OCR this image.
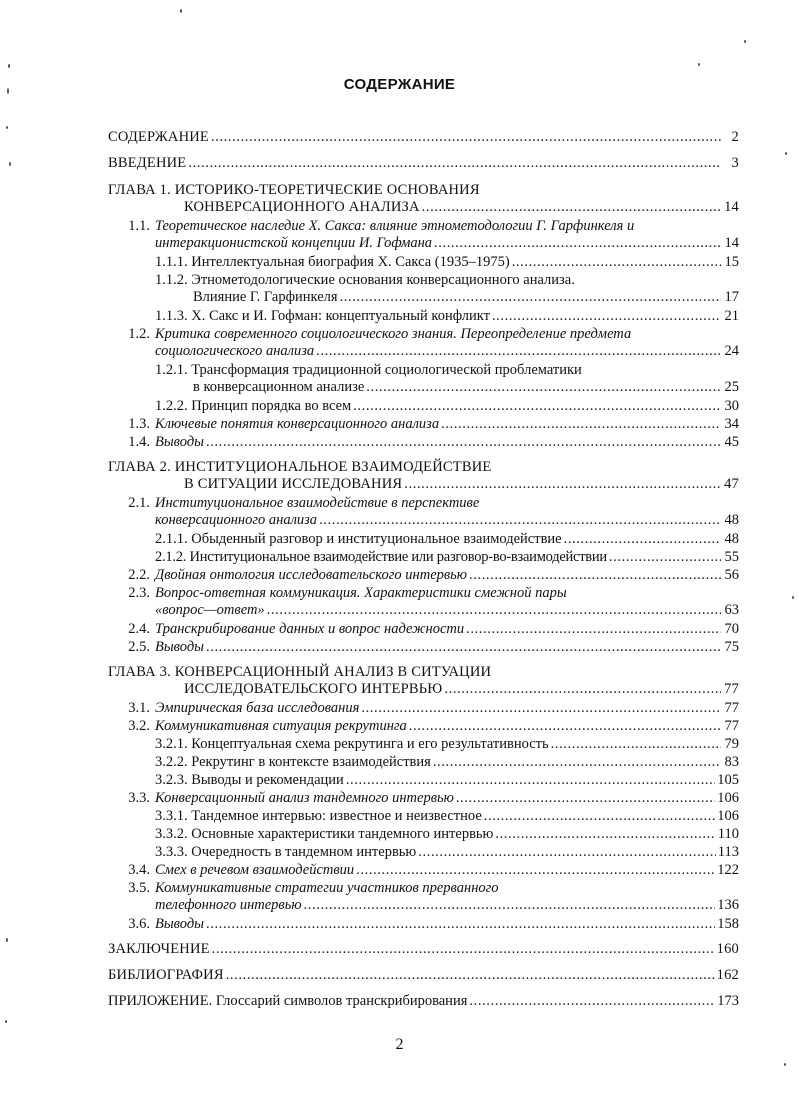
СОДЕРЖАНИЕ
СОДЕРЖАНИЕ .....	2
ВВЕДЕНИЕ .....	3
ГЛАВА 1. ИСТОРИКО-ТЕОРЕТИЧЕСКИЕ ОСНОВАНИЯ
КОНВЕРСАЦИОННОГО АНАЛИЗА .....	14
1.1. Теоретическое наследие Х. Сакса: влияние этнометодологии Г. Гарфинкеля и
интеракционистской концепции И. Гофмана .....	14
1.1.1. Интеллектуальная биография Х. Сакса (1935–1975) .....	15
1.1.2. Этнометодологические основания конверсационного анализа.
Влияние Г. Гарфинкеля .....	17
1.1.3. Х. Сакс и И. Гофман: концептуальный конфликт .....	21
1.2. Критика современного социологического знания. Переопределение предмета
социологического анализа .....	24
1.2.1. Трансформация традиционной социологической проблематики
в конверсационном анализе .....	25
1.2.2. Принцип порядка во всем .....	30
1.3. Ключевые понятия конверсационного анализа .....	34
1.4. Выводы .....	45
ГЛАВА 2. ИНСТИТУЦИОНАЛЬНОЕ ВЗАИМОДЕЙСТВИЕ
В СИТУАЦИИ ИССЛЕДОВАНИЯ .....	47
2.1. Институциональное взаимодействие в перспективе
конверсационного анализа .....	48
2.1.1. Обыденный разговор и институциональное взаимодействие .....	48
2.1.2. Институциональное взаимодействие или разговор-во-взаимодействии .....	55
2.2. Двойная онтология исследовательского интервью .....	56
2.3. Вопрос-ответная коммуникация. Характеристики смежной пары
«вопрос—ответ» .....	63
2.4. Транскрибирование данных и вопрос надежности .....	70
2.5. Выводы .....	75
ГЛАВА 3. КОНВЕРСАЦИОННЫЙ АНАЛИЗ В СИТУАЦИИ
ИССЛЕДОВАТЕЛЬСКОГО ИНТЕРВЬЮ .....	77
3.1. Эмпирическая база исследования .....	77
3.2. Коммуникативная ситуация рекрутинга .....	77
3.2.1. Концептуальная схема рекрутинга и его результативность .....	79
3.2.2. Рекрутинг в контексте взаимодействия .....	83
3.2.3. Выводы и рекомендации .....	105
3.3. Конверсационный анализ тандемного интервью .....	106
3.3.1. Тандемное интервью: известное и неизвестное .....	106
3.3.2. Основные характеристики тандемного интервью .....	110
3.3.3. Очередность в тандемном интервью .....	113
3.4. Смех в речевом взаимодействии .....	122
3.5. Коммуникативные стратегии участников прерванного
телефонного интервью .....	136
3.6. Выводы .....	158
ЗАКЛЮЧЕНИЕ .....	160
БИБЛИОГРАФИЯ .....	162
ПРИЛОЖЕНИЕ. Глоссарий символов транскрибирования .....	173
2
